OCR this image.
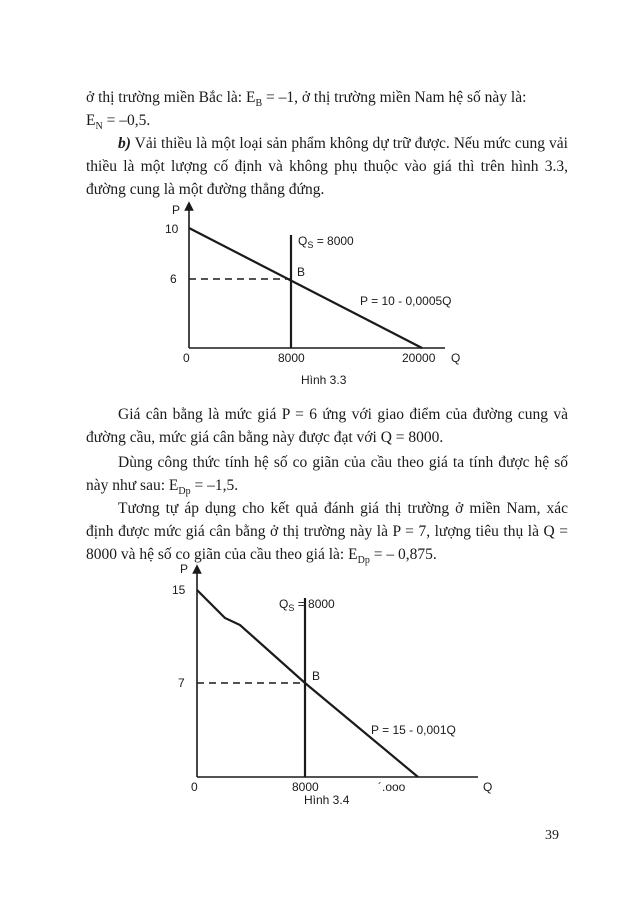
ở thị trường miền Bắc là: $E_B = -1$, ở thị trường miền Nam hệ số này là:
$E_N = -0,5$.

b) Vải thiều là một loại sản phẩm không dự trữ được. Nếu mức cung vải thiều là một lượng cố định và không phụ thuộc vào giá thì trên hình 3.3, đường cung là một đường thẳng đứng.

P
10
6
0	8000	20000 Q
$Q_S = 8000$
B
P = 10 - 0,0005Q
P
15
7
0	8000	´.ooo	Q
$Q_S = 8000$
B
P = 15 - 0,001Q
Hình 3.3

Giá cân bằng là mức giá P = 6 ứng với giao điểm của đường cung và đường cầu, mức giá cân bằng này được đạt với Q = 8000.

Dùng công thức tính hệ số co giãn của cầu theo giá ta tính được hệ số này như sau: $E_{Dp} = -1,5$.

Tương tự áp dụng cho kết quả đánh giá thị trường ở miền Nam, xác định được mức giá cân bằng ở thị trường này là P = 7, lượng tiêu thụ là Q = 8000 và hệ số co giãn của cầu theo giá là: $E_{Dp}$ = – 0,875.

Hình 3.4
39
